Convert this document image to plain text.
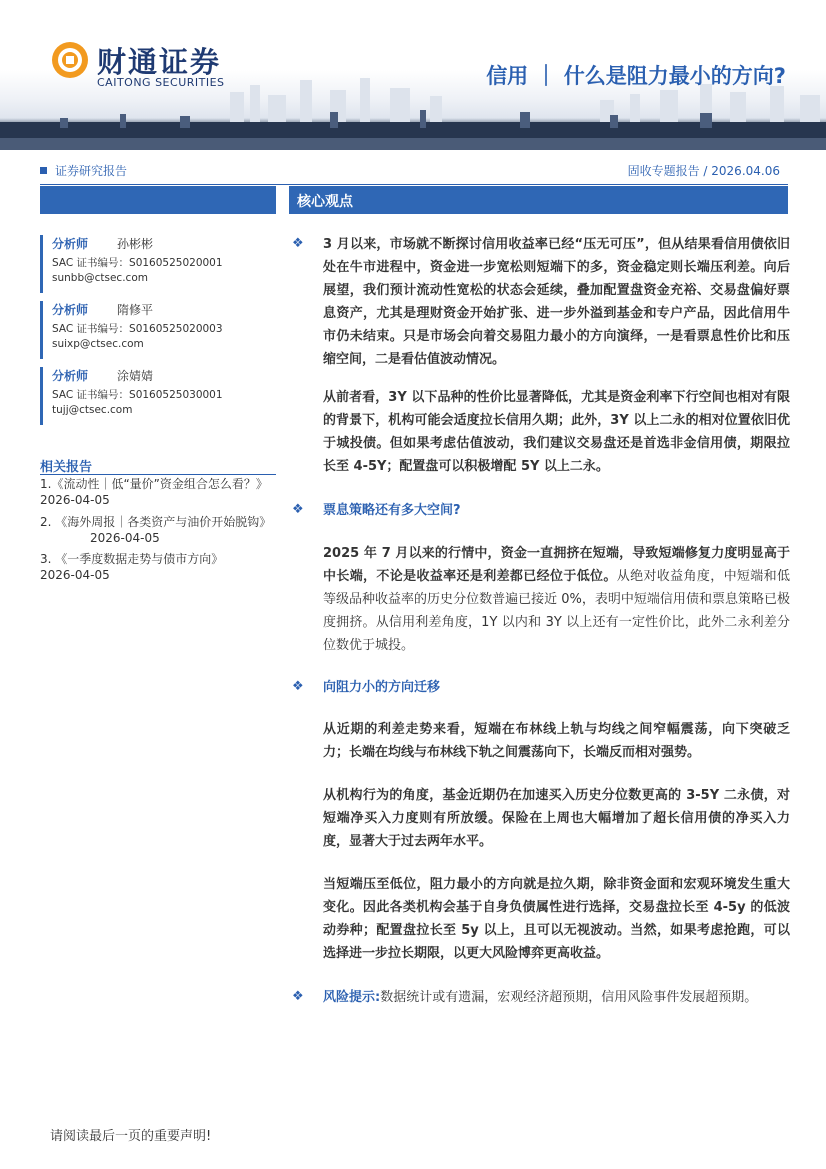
财通证券
CAITONG SECURITIES	信用 ｜ 什么是阻力最小的方向?
证券研究报告	固收专题报告 / 2026.04.06
核心观点
分析师 孙彬彬
SAC 证书编号：S0160525020001
sunbb@ctsec.com
分析师 隋修平
SAC 证书编号：S0160525020003
suixp@ctsec.com
分析师 涂婧婧
SAC 证书编号：S0160525030001
tujj@ctsec.com
相关报告
1.《流动性｜低“量价”资金组合怎么看？》
2026-04-05
2. 《海外周报｜各类资产与油价开始脱钩》
2026-04-05
3. 《一季度数据走势与债市方向》
2026-04-05
❖ 3 月以来，市场就不断探讨信用收益率已经“压无可压”，但从结果看信用债依旧处在牛市进程中，资金进一步宽松则短端下的多，资金稳定则长端压利差。向后展望，我们预计流动性宽松的状态会延续，叠加配置盘资金充裕、交易盘偏好票息资产，尤其是理财资金开始扩张、进一步外溢到基金和专户产品，因此信用牛市仍未结束。只是市场会向着交易阻力最小的方向演绎，一是看票息性价比和压缩空间，二是看估值波动情况。
从前者看，3Y 以下品种的性价比显著降低，尤其是资金利率下行空间也相对有限的背景下，机构可能会适度拉长信用久期；此外，3Y 以上二永的相对位置依旧优于城投债。但如果考虑估值波动，我们建议交易盘还是首选非金信用债，期限拉长至 4-5Y；配置盘可以积极增配 5Y 以上二永。
❖ 票息策略还有多大空间?
2025 年 7 月以来的行情中，资金一直拥挤在短端，导致短端修复力度明显高于中长端，不论是收益率还是利差都已经位于低位。从绝对收益角度，中短端和低等级品种收益率的历史分位数普遍已接近 0%，表明中短端信用债和票息策略已极度拥挤。从信用利差角度，1Y 以内和 3Y 以上还有一定性价比，此外二永利差分位数优于城投。
❖ 向阻力小的方向迁移
从近期的利差走势来看，短端在布林线上轨与均线之间窄幅震荡，向下突破乏力；长端在均线与布林线下轨之间震荡向下，长端反而相对强势。
从机构行为的角度，基金近期仍在加速买入历史分位数更高的 3-5Y 二永债，对短端净买入力度则有所放缓。保险在上周也大幅增加了超长信用债的净买入力度，显著大于过去两年水平。
当短端压至低位，阻力最小的方向就是拉久期，除非资金面和宏观环境发生重大变化。因此各类机构会基于自身负债属性进行选择，交易盘拉长至 4-5y 的低波动券种；配置盘拉长至 5y 以上，且可以无视波动。当然，如果考虑抢跑，可以选择进一步拉长期限，以更大风险博弈更高收益。
❖ 风险提示:数据统计或有遗漏，宏观经济超预期，信用风险事件发展超预期。
请阅读最后一页的重要声明!
